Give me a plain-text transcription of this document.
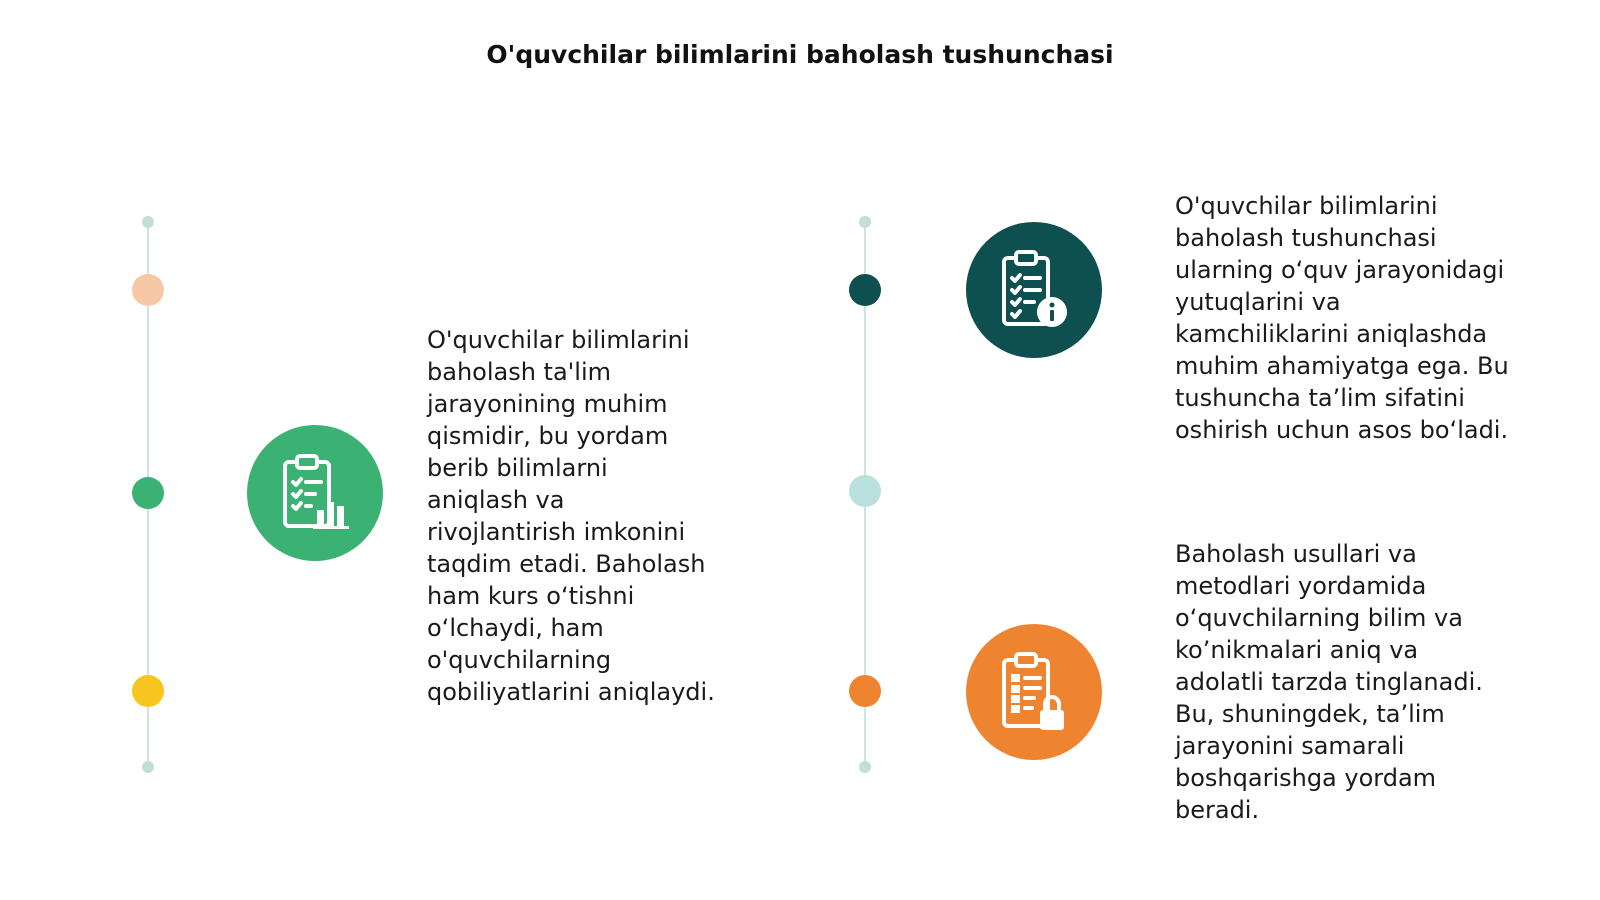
O'quvchilar bilimlarini baholash tushunchasi
O'quvchilar bilimlarini
baholash ta'lim
jarayonining muhim
qismidir, bu yordam
berib bilimlarni
aniqlash va
rivojlantirish imkonini
taqdim etadi. Baholash
ham kurs o‘tishni
o‘lchaydi, ham
o'quvchilarning
qobiliyatlarini aniqlaydi.
O'quvchilar bilimlarini
baholash tushunchasi
ularning o‘quv jarayonidagi
yutuqlarini va
kamchiliklarini aniqlashda
muhim ahamiyatga ega. Bu
tushuncha ta’lim sifatini
oshirish uchun asos bo‘ladi.
Baholash usullari va
metodlari yordamida
o‘quvchilarning bilim va
ko’nikmalari aniq va
adolatli tarzda tinglanadi.
Bu, shuningdek, ta’lim
jarayonini samarali
boshqarishga yordam
beradi.
